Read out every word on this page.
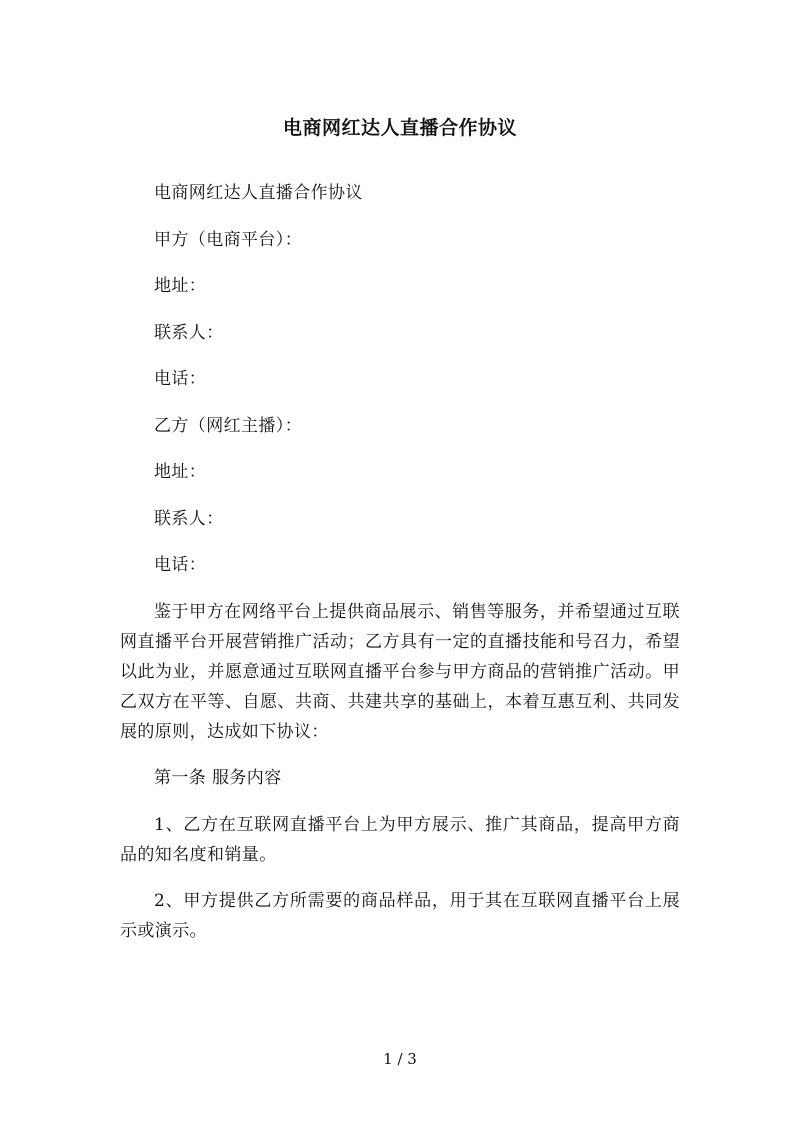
电商网红达人直播合作协议

电商网红达人直播合作协议

甲方（电商平台）：

地址：

联系人：

电话：

乙方（网红主播）：

地址：

联系人：

电话：

鉴于甲方在网络平台上提供商品展示、销售等服务，并希望通过互联网直播平台开展营销推广活动；乙方具有一定的直播技能和号召力，希望以此为业，并愿意通过互联网直播平台参与甲方商品的营销推广活动。甲乙双方在平等、自愿、共商、共建共享的基础上，本着互惠互利、共同发展的原则，达成如下协议：

第一条 服务内容

1、乙方在互联网直播平台上为甲方展示、推广其商品，提高甲方商品的知名度和销量。

2、甲方提供乙方所需要的商品样品，用于其在互联网直播平台上展示或演示。

1 / 3
